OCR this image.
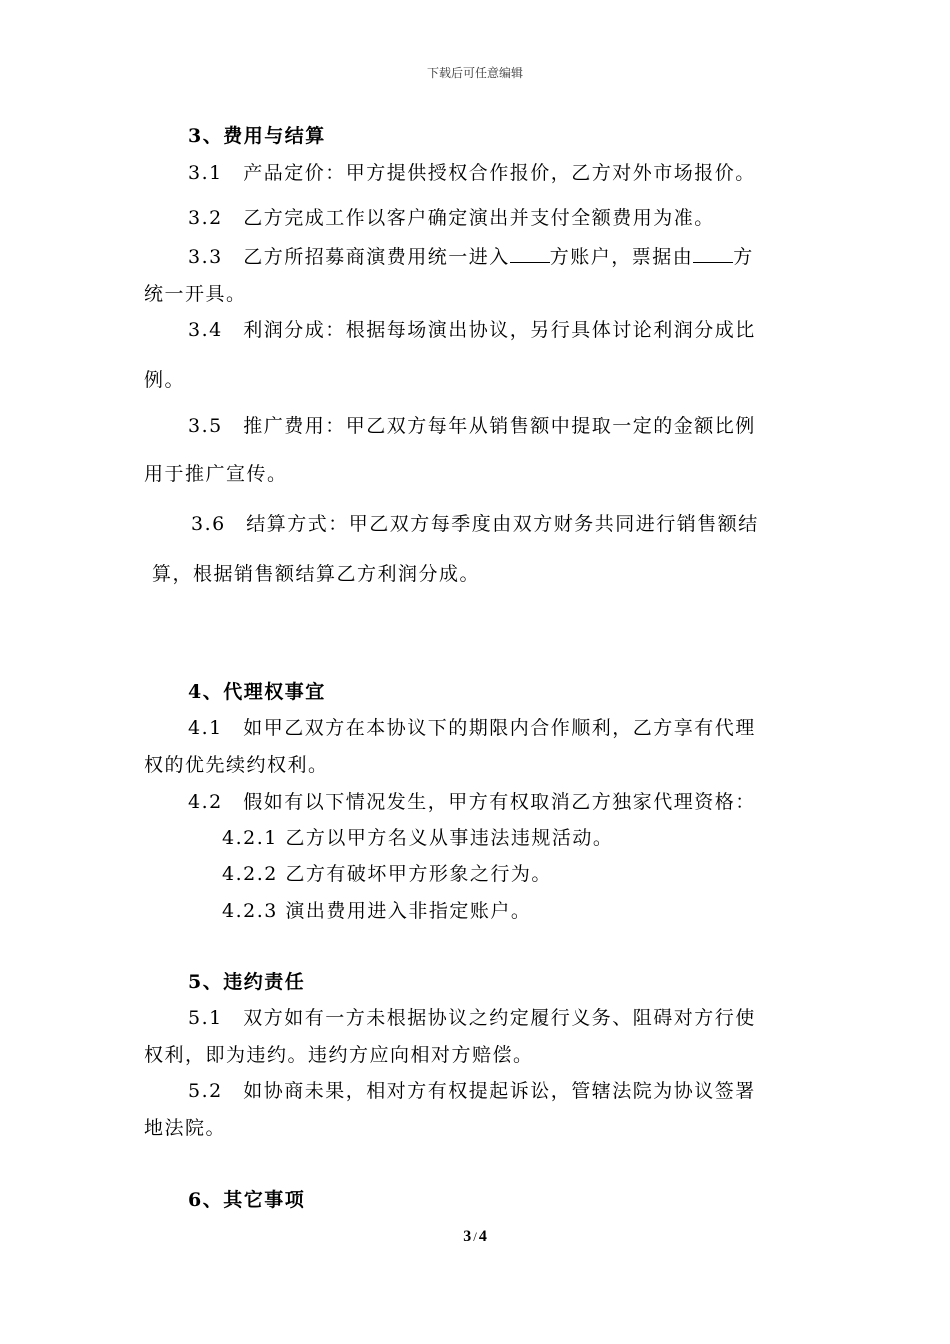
下载后可任意编辑
3、费用与结算
3.1　产品定价：甲方提供授权合作报价，乙方对外市场报价。
3.2　乙方完成工作以客户确定演出并支付全额费用为准。
3.3　乙方所招募商演费用统一进入 方账户，票据由 方
统一开具。
3.4　利润分成：根据每场演出协议，另行具体讨论利润分成比
例。
3.5　推广费用：甲乙双方每年从销售额中提取一定的金额比例
用于推广宣传。
3.6　结算方式：甲乙双方每季度由双方财务共同进行销售额结
算，根据销售额结算乙方利润分成。
4、代理权事宜
4.1　如甲乙双方在本协议下的期限内合作顺利，乙方享有代理
权的优先续约权利。
4.2　假如有以下情况发生，甲方有权取消乙方独家代理资格：
4.2.1 乙方以甲方名义从事违法违规活动。
4.2.2 乙方有破坏甲方形象之行为。
4.2.3 演出费用进入非指定账户。
5、违约责任
5.1　双方如有一方未根据协议之约定履行义务、阻碍对方行使
权利，即为违约。违约方应向相对方赔偿。
5.2　如协商未果，相对方有权提起诉讼，管辖法院为协议签署
地法院。
6、其它事项
3 / 4
